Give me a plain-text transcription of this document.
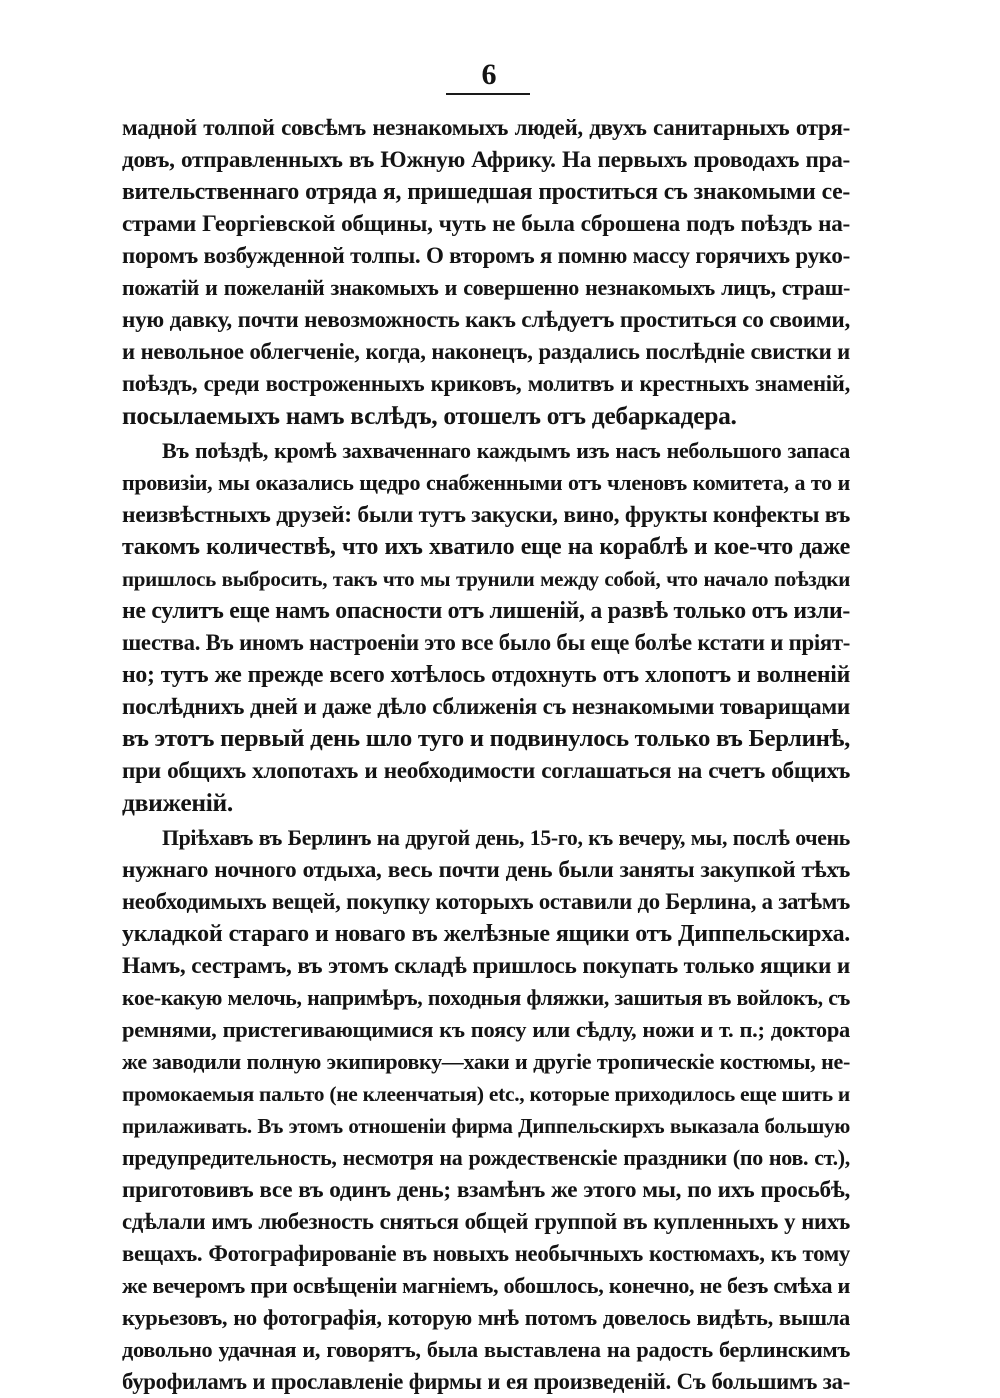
6
мадной толпой совсѣмъ незнакомыхъ людей, двухъ санитарныхъ отря-
довъ, отправленныхъ въ Южную Африку. На первыхъ проводахъ пра-
вительственнаго отряда я, пришедшая проститься съ знакомыми се-
страми Георгіевской общины, чуть не была сброшена подъ поѣздъ на-
поромъ возбужденной толпы. О второмъ я помню массу горячихъ руко-
пожатій и пожеланій знакомыхъ и совершенно незнакомыхъ лицъ, страш-
ную давку, почти невозможность какъ слѣдуетъ проститься со своими,
и невольное облегченіе, когда, наконецъ, раздались послѣдніе свистки и
поѣздъ, среди востроженныхъ криковъ, молитвъ и крестныхъ знаменій,
посылаемыхъ намъ вслѣдъ, отошелъ отъ дебаркадера.
Въ поѣздѣ, кромѣ захваченнаго каждымъ изъ насъ небольшого запаса
провизіи, мы оказались щедро снабженными отъ членовъ комитета, а то и
неизвѣстныхъ друзей: были тутъ закуски, вино, фрукты конфекты въ
такомъ количествѣ, что ихъ хватило еще на кораблѣ и кое-что даже
пришлось выбросить, такъ что мы трунили между собой, что начало поѣздки
не сулитъ еще намъ опасности отъ лишеній, а развѣ только отъ изли-
шества. Въ иномъ настроеніи это все было бы еще болѣе кстати и пріят-
но; тутъ же прежде всего хотѣлось отдохнуть отъ хлопотъ и волненій
послѣднихъ дней и даже дѣло сближенія съ незнакомыми товарищами
въ этотъ первый день шло туго и подвинулось только въ Берлинѣ,
при общихъ хлопотахъ и необходимости соглашаться на счетъ общихъ
движеній.
Пріѣхавъ въ Берлинъ на другой день, 15-го, къ вечеру, мы, послѣ очень
нужнаго ночного отдыха, весь почти день были заняты закупкой тѣхъ
необходимыхъ вещей, покупку которыхъ оставили до Берлина, а затѣмъ
укладкой стараго и новаго въ желѣзные ящики отъ Диппельскирха.
Намъ, сестрамъ, въ этомъ складѣ пришлось покупать только ящики и
кое-какую мелочь, напримѣръ, походныя фляжки, зашитыя въ войлокъ, съ
ремнями, пристегивающимися къ поясу или сѣдлу, ножи и т. п.; доктора
же заводили полную экипировку—хаки и другіе тропическіе костюмы, не-
промокаемыя пальто (не клеенчатыя) etc., которые приходилось еще шить и
прилаживать. Въ этомъ отношеніи фирма Диппельскирхъ выказала большую
предупредительность, несмотря на рождественскіе праздники (по нов. ст.),
приготовивъ все въ одинъ день; взамѣнъ же этого мы, по ихъ просьбѣ,
сдѣлали имъ любезность сняться общей группой въ купленныхъ у нихъ
вещахъ. Фотографированіе въ новыхъ необычныхъ костюмахъ, къ тому
же вечеромъ при освѣщеніи магніемъ, обошлось, конечно, не безъ смѣха и
курьезовъ, но фотографія, которую мнѣ потомъ довелось видѣть, вышла
довольно удачная и, говорятъ, была выставлена на радость берлинскимъ
бурофиламъ и прославленіе фирмы и ея произведеній. Съ большимъ за-
